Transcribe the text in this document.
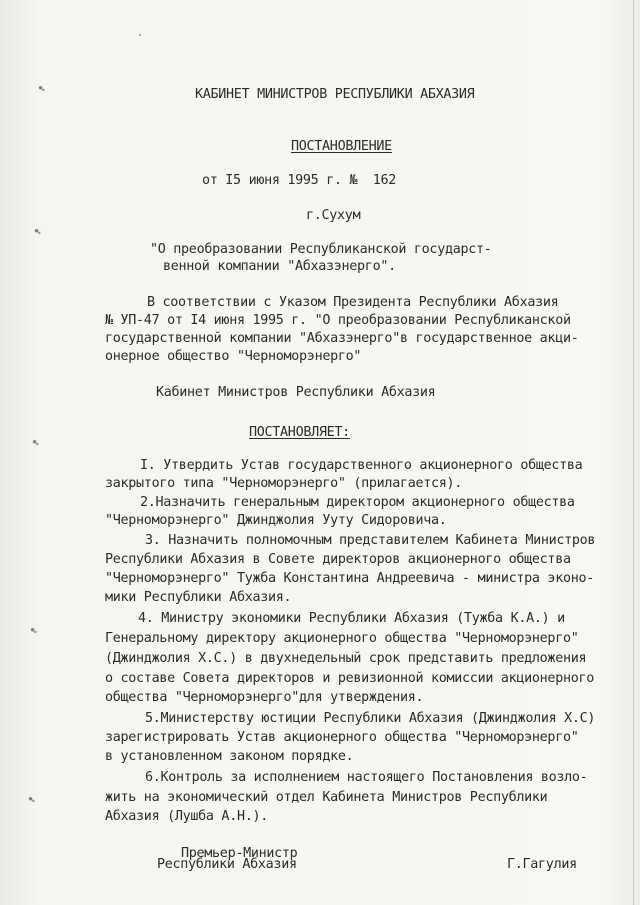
КАБИНЕТ МИНИСТРОВ РЕСПУБЛИКИ АБХАЗИЯ
ПОСТАНОВЛЕНИЕ
от I5 июня 1995 г. №  162
г.Сухум
"О преобразовании Республиканской государст-
венной компании "Абхазэнерго".
В соответствии с Указом Президента Республики Абхазия
№ УП-47 от I4 июня 1995 г. "О преобразовании Республиканской
государственной компании "Абхазэнерго"в государственное акци-
онерное общество "Черноморэнерго"
Кабинет Министров Республики Абхазия
ПОСТАНОВЛЯЕТ:
I. Утвердить Устав государственного акционерного общества
закрытого типа "Черноморэнерго" (прилагается).
2.Назначить генеральным директором акционерного общества
"Черноморэнерго" Джинджолия Ууту Сидоровича.
3. Назначить полномочным представителем Кабинета Министров
Республики Абхазия в Совете директоров акционерного общества
"Черноморэнерго" Тужба Константина Андреевича - министра эконо-
мики Республики Абхазия.
4. Министру экономики Республики Абхазия (Тужба К.А.) и
Генеральному директору акционерного общества "Черноморэнерго"
(Джинджолия Х.С.) в двухнедельный срок представить предложения
о составе Совета директоров и ревизионной комиссии акционерного
общества "Черноморэнерго"для утверждения.
5.Министерству юстиции Республики Абхазия (Джинджолия Х.С)
зарегистрировать Устав акционерного общества "Черноморэнерго"
в установленном законом порядке.
6.Контроль за исполнением настоящего Постановления возло-
жить на экономический отдел Кабинета Министров Республики
Абхазия (Лушба А.Н.).
Премьер-Министр
Республики Абхазия	Г.Гагулия
